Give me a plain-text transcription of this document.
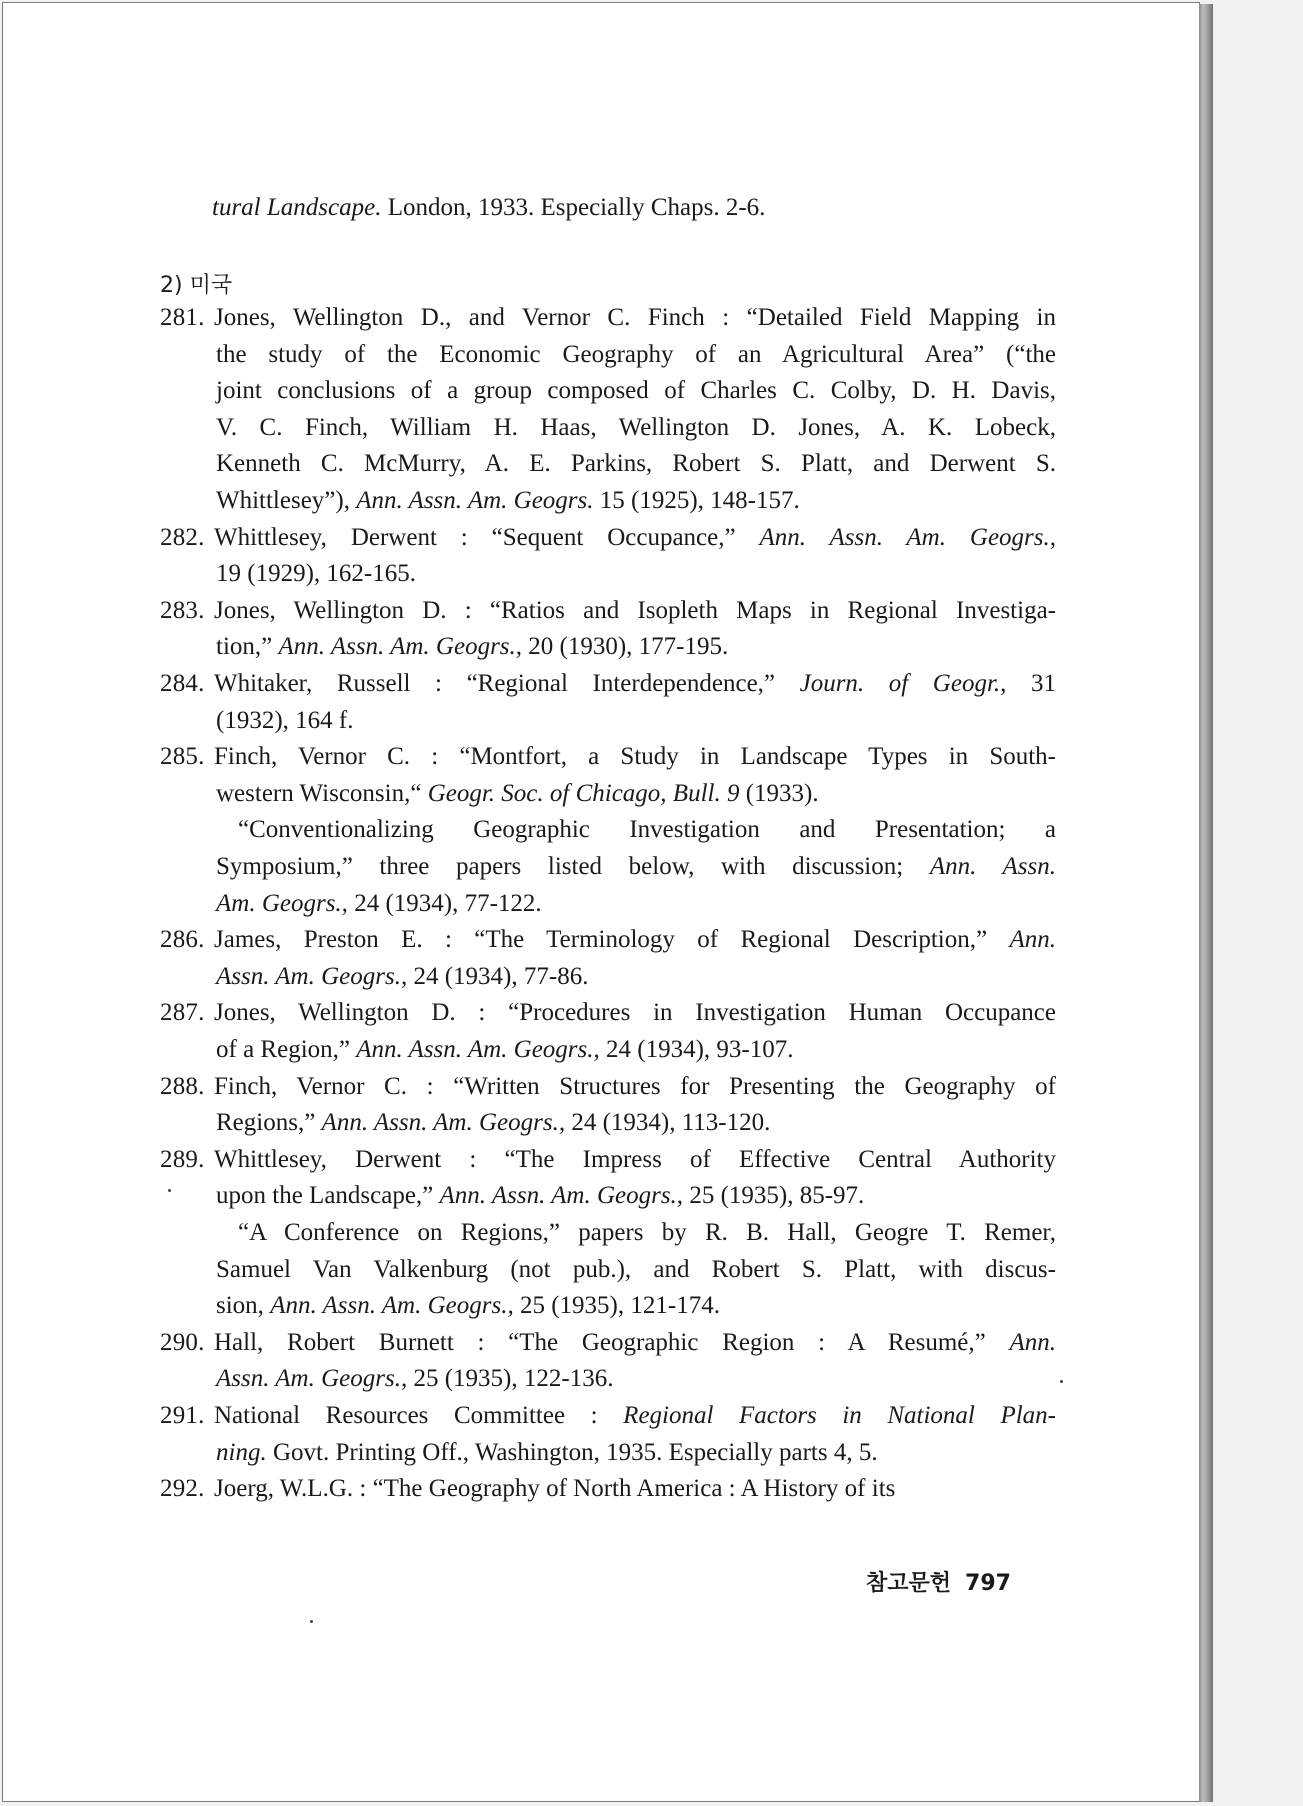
tural Landscape. London, 1933. Especially Chaps. 2-6.
2) 미국
281. Jones, Wellington D., and Vernor C. Finch : “Detailed Field Mapping in
the study of the Economic Geography of an Agricultural Area” (“the
joint conclusions of a group composed of Charles C. Colby, D. H. Davis,
V. C. Finch, William H. Haas, Wellington D. Jones, A. K. Lobeck,
Kenneth C. McMurry, A. E. Parkins, Robert S. Platt, and Derwent S.
Whittlesey”), Ann. Assn. Am. Geogrs. 15 (1925), 148-157.
282. Whittlesey, Derwent : “Sequent Occupance,” Ann. Assn. Am. Geogrs.,
19 (1929), 162-165.
283. Jones, Wellington D. : “Ratios and Isopleth Maps in Regional Investiga-
tion,” Ann. Assn. Am. Geogrs., 20 (1930), 177-195.
284. Whitaker, Russell : “Regional Interdependence,” Journ. of Geogr., 31
(1932), 164 f.
285. Finch, Vernor C. : “Montfort, a Study in Landscape Types in South-
western Wisconsin,“ Geogr. Soc. of Chicago, Bull. 9 (1933).
“Conventionalizing Geographic Investigation and Presentation; a
Symposium,” three papers listed below, with discussion; Ann. Assn.
Am. Geogrs., 24 (1934), 77-122.
286. James, Preston E. : “The Terminology of Regional Description,” Ann.
Assn. Am. Geogrs., 24 (1934), 77-86.
287. Jones, Wellington D. : “Procedures in Investigation Human Occupance
of a Region,” Ann. Assn. Am. Geogrs., 24 (1934), 93-107.
288. Finch, Vernor C. : “Written Structures for Presenting the Geography of
Regions,” Ann. Assn. Am. Geogrs., 24 (1934), 113-120.
289. Whittlesey, Derwent : “The Impress of Effective Central Authority
upon the Landscape,” Ann. Assn. Am. Geogrs., 25 (1935), 85-97.
“A Conference on Regions,” papers by R. B. Hall, Geogre T. Remer,
Samuel Van Valkenburg (not pub.), and Robert S. Platt, with discus-
sion, Ann. Assn. Am. Geogrs., 25 (1935), 121-174.
290. Hall, Robert Burnett : “The Geographic Region : A Resumé,” Ann.
Assn. Am. Geogrs., 25 (1935), 122-136.
291. National Resources Committee : Regional Factors in National Plan-
ning. Govt. Printing Off., Washington, 1935. Especially parts 4, 5.
292. Joerg, W.L.G. : “The Geography of North America : A History of its
참고문헌 797
